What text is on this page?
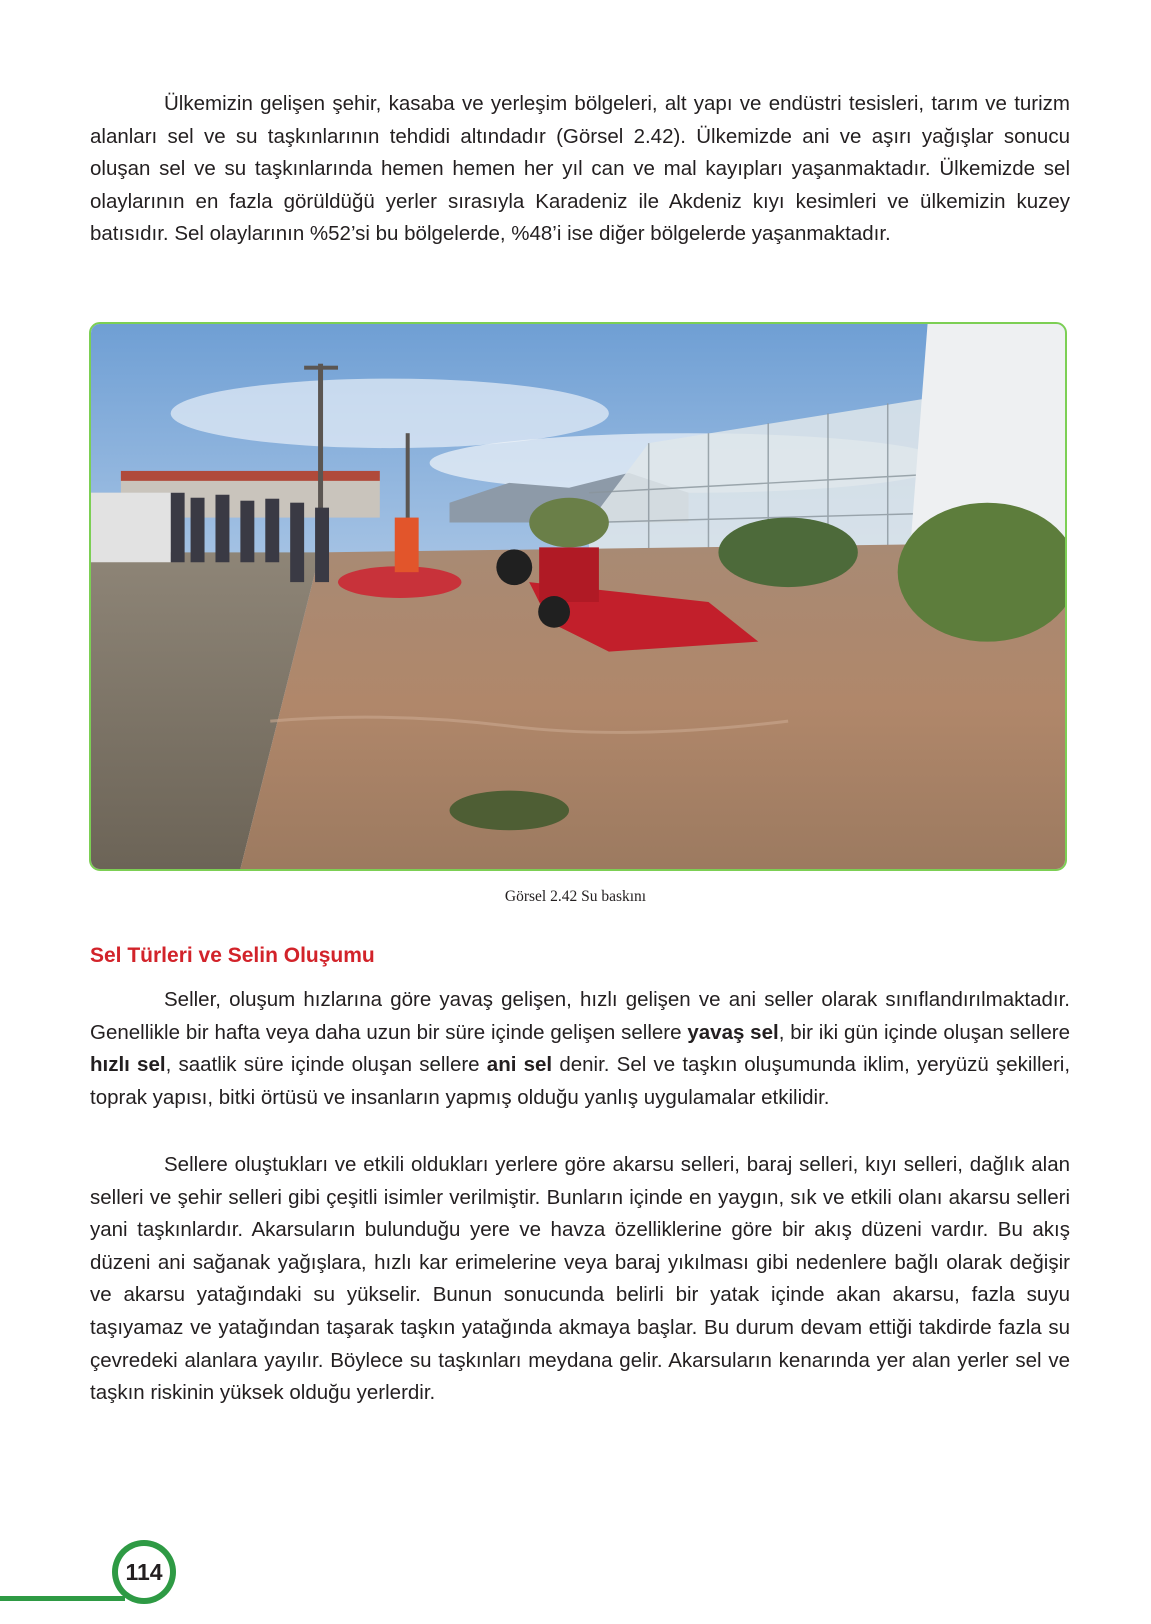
Ülkemizin gelişen şehir, kasaba ve yerleşim bölgeleri, alt yapı ve endüstri tesisleri, tarım ve turizm alanları sel ve su taşkınlarının tehdidi altındadır (Görsel 2.42). Ülkemizde ani ve aşırı yağışlar sonucu oluşan sel ve su taşkınlarında hemen hemen her yıl can ve mal kayıpları yaşanmaktadır. Ülkemizde sel olaylarının en fazla görüldüğü yerler sırasıyla Karadeniz ile Akdeniz kıyı kesimleri ve ülkemizin kuzey batısıdır. Sel olaylarının %52’si bu bölgelerde, %48’i ise diğer bölgelerde yaşanmaktadır.

Görsel 2.42 Su baskını
Sel Türleri ve Selin Oluşumu

Seller, oluşum hızlarına göre yavaş gelişen, hızlı gelişen ve ani seller olarak sınıflandırılmaktadır. Genellikle bir hafta veya daha uzun bir süre içinde gelişen sellere yavaş sel, bir iki gün içinde oluşan sellere hızlı sel, saatlik süre içinde oluşan sellere ani sel denir. Sel ve taşkın oluşumunda iklim, yeryüzü şekilleri, toprak yapısı, bitki örtüsü ve insanların yapmış olduğu yanlış uygulamalar etkilidir.

Sellere oluştukları ve etkili oldukları yerlere göre akarsu selleri, baraj selleri, kıyı selleri, dağlık alan selleri ve şehir selleri gibi çeşitli isimler verilmiştir. Bunların içinde en yaygın, sık ve etkili olanı akarsu selleri yani taşkınlardır. Akarsuların bulunduğu yere ve havza özelliklerine göre bir akış düzeni vardır. Bu akış düzeni ani sağanak yağışlara, hızlı kar erimelerine veya baraj yıkılması gibi nedenlere bağlı olarak değişir ve akarsu yatağındaki su yükselir. Bunun sonucunda belirli bir yatak içinde akan akarsu, fazla suyu taşıyamaz ve yatağından taşarak taşkın yatağında akmaya başlar. Bu durum devam ettiği takdirde fazla su çevredeki alanlara yayılır. Böylece su taşkınları meydana gelir. Akarsuların kenarında yer alan yerler sel ve taşkın riskinin yüksek olduğu yerlerdir.

114
